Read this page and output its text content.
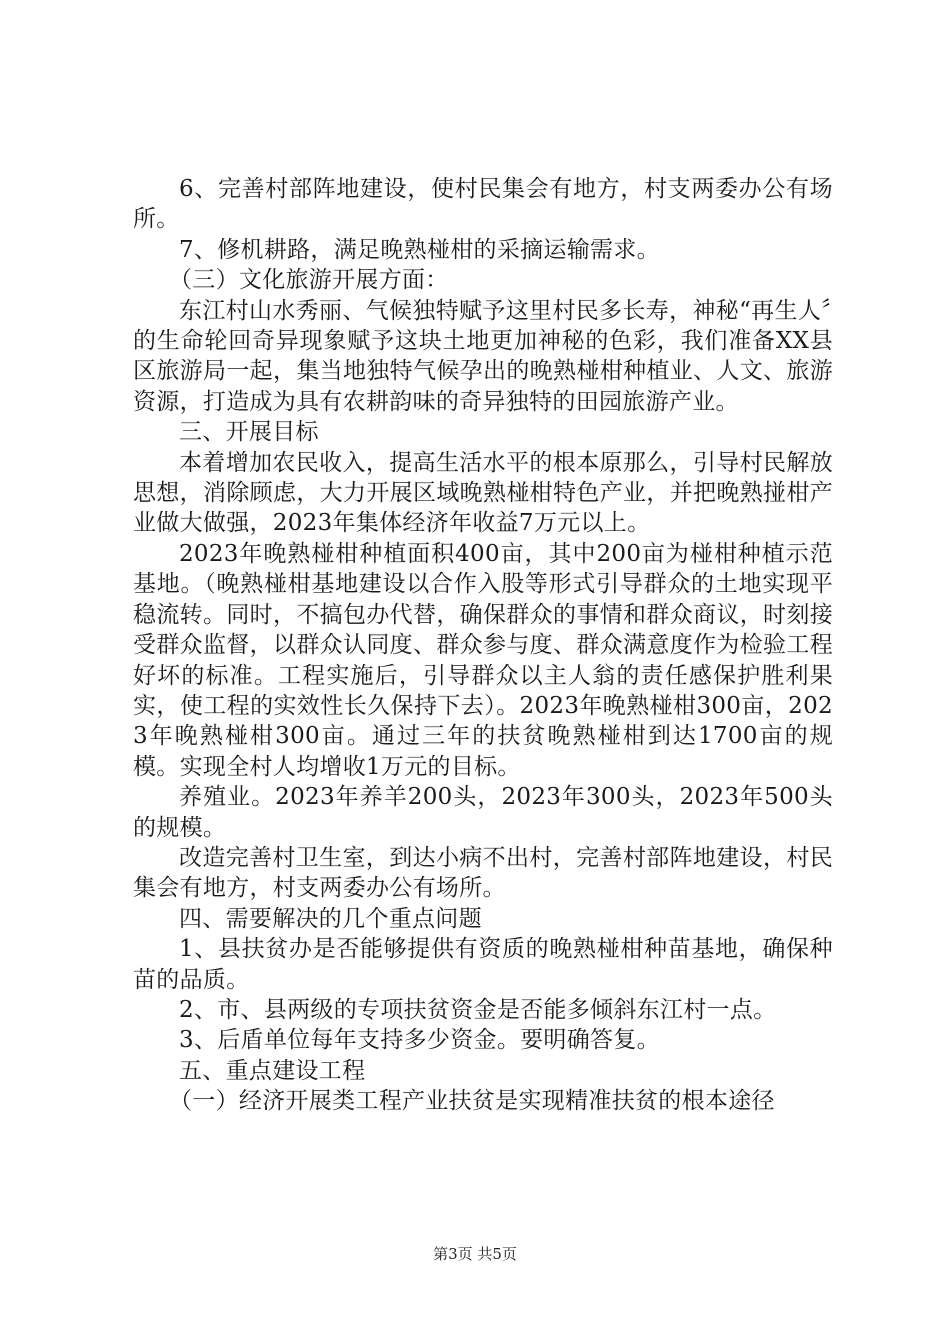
6、完善村部阵地建设，使村民集会有地方，村支两委办公有场所。

7、修机耕路，满足晚熟椪柑的采摘运输需求。

（三）文化旅游开展方面：

东江村山水秀丽、气候独特赋予这里村民多长寿，神秘“再生人〞的生命轮回奇异现象赋予这块土地更加神秘的色彩，我们准备XX县区旅游局一起，集当地独特气候孕出的晚熟椪柑种植业、人文、旅游资源，打造成为具有农耕韵味的奇异独特的田园旅游产业。

三、开展目标

本着增加农民收入，提高生活水平的根本原那么，引导村民解放思想，消除顾虑，大力开展区域晚熟椪柑特色产业，并把晚熟掽柑产业做大做强，2023年集体经济年收益7万元以上。

2023年晚熟椪柑种植面积400亩，其中200亩为椪柑种植示范基地。（晚熟椪柑基地建设以合作入股等形式引导群众的土地实现平稳流转。同时，不搞包办代替，确保群众的事情和群众商议，时刻接受群众监督，以群众认同度、群众参与度、群众满意度作为检验工程好坏的标准。工程实施后，引导群众以主人翁的责任感保护胜利果实，使工程的实效性长久保持下去）。2023年晚熟椪柑300亩，2023年晚熟椪柑300亩。通过三年的扶贫晚熟椪柑到达1700亩的规模。实现全村人均增收1万元的目标。

养殖业。2023年养羊200头，2023年300头，2023年500头的规模。

改造完善村卫生室，到达小病不出村，完善村部阵地建设，村民集会有地方，村支两委办公有场所。

四、需要解决的几个重点问题

1、县扶贫办是否能够提供有资质的晚熟椪柑种苗基地，确保种苗的品质。

2、市、县两级的专项扶贫资金是否能多倾斜东江村一点。

3、后盾单位每年支持多少资金。要明确答复。

五、重点建设工程

（一）经济开展类工程产业扶贫是实现精准扶贫的根本途径

第3页 共5页
